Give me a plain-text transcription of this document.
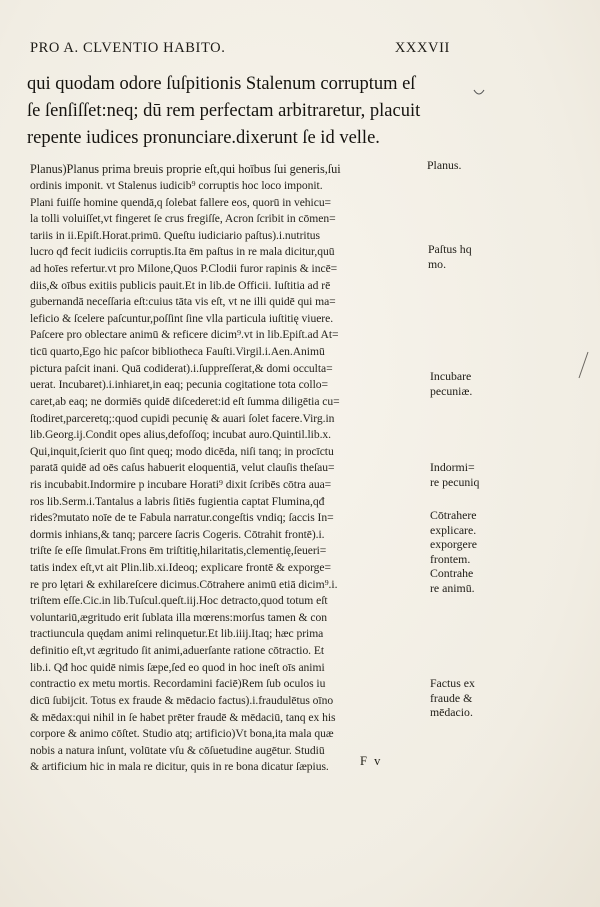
PRO A. CLVENTIO HABITO.	XXXVII
qui quodam odore ſuſpitionis Stalenum corruptum eſ
ſe ſenſiſſet:neq; dū rem perfectam arbitraretur, placuit
repente iudices pronunciare.dixerunt ſe id velle.
Planus)Planus prima breuis proprie eſt,qui hoībus ſui generis,ſui
ordinis imponit. vt Stalenus iudicib⁹ corruptis hoc loco imponit.
Plani fuiſſe homine quendā,q ſolebat fallere eos, quorū in vehicu=
la tolli voluiſſet,vt fingeret ſe crus fregiſſe, Acron ſcribit in cōmen=
tariis in ii.Epiſt.Horat.primū. Queſtu iudiciario paſtus).i.nutritus
lucro qđ fecit iudiciis corruptis.Ita ēm paſtus in re mala dicitur,quū
ad hoīes refertur.vt pro Milone,Quos P.Clodii furor rapinis & incē=
diis,& oībus exitiis publicis pauit.Et in lib.de Officii. Iuſtitia ad rē
gubernandā neceſſaria eſt:cuius tāta vis eſt, vt ne illi quidē qui ma=
leficio & ſcelere paſcuntur,poſſint ſine vlla particula iuſtitię viuere.
Paſcere pro oblectare animū & reficere dicim⁹.vt in lib.Epiſt.ad At=
ticū quarto,Ego hic paſcor bibliotheca Fauſti.Virgil.i.Aen.Animū
pictura paſcit inani. Quā codiderat).i.ſuppreſſerat,& domi occulta=
uerat. Incubaret).i.inhiaret,in eaq; pecunia cogitatione tota collo=
caret,ab eaq; ne dormiēs quidē diſcederet:id eſt ſumma diligētia cu=
ſtodiret,parceretq;:quod cupidi pecunię & auari ſolet facere.Virg.in
lib.Georg.ij.Condit opes alius,defoſſoq; incubat auro.Quintil.lib.x.
Qui,inquit,ſcierit quo ſint queq; modo dicēda, niſi tanq; in procīctu
paratā quidē ad oēs caſus habuerit eloquentiā, velut clauſis theſau=
ris incubabit.Indormire p incubare Horati⁹ dixit ſcribēs cōtra aua=
ros lib.Serm.i.Tantalus a labris ſitiēs fugientia captat Flumina,qđ
rides?mutato noīe de te Fabula narratur.congeſtis vndiq; ſaccis In=
dormis inhians,& tanq; parcere ſacris Cogeris. Cōtrahit frontē).i.
triſte ſe eſſe ſimulat.Frons ēm triſtitię,hilaritatis,clementię,ſeueri=
tatis index eſt,vt ait Plin.lib.xi.Ideoq; explicare frontē & exporge=
re pro lętari & exhilareſcere dicimus.Cōtrahere animū etiā dicim⁹.i.
triſtem eſſe.Cic.in lib.Tuſcul.queſt.iij.Hoc detracto,quod totum eſt
voluntariū,ægritudo erit ſublata illa mœrens:morſus tamen & con
tractiuncula quędam animi relinquetur.Et lib.iiij.Itaq; hæc prima
definitio eſt,vt ægritudo ſit animi,aduerſante ratione cōtractio. Et
lib.i. Qđ hoc quidē nimis ſæpe,ſed eo quod in hoc ineſt oīs animi
contractio ex metu mortis. Recordamini faciē)Rem ſub oculos iu
dicū ſubijcit. Totus ex fraude & mēdacio factus).i.fraudulētus oīno
& mēdax:qui nihil in ſe habet prēter fraudē & mēdaciū, tanq ex his
corpore & animo cōſtet. Studio atq; artificio)Vt bona,ita mala quæ
nobis a natura inſunt, volūtate vſu & cōſuetudine augētur. Studiū
& artificium hic in mala re dicitur, quis in re bona dicatur ſæpius.
Planus.
Paſtus hq
mo.
Incubare
pecuniæ.
Indormi=
re pecuniq
Cōtrahere
explicare.
exporgere
frontem.
Contrahe
re animū.
Factus ex
fraude &
mēdacio.
F v
